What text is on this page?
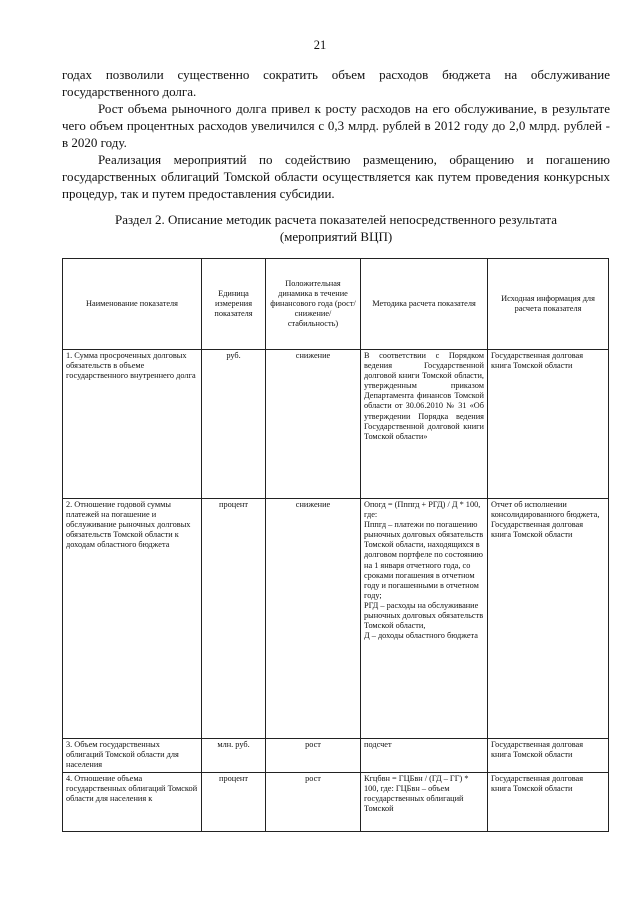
21

годах позволили существенно сократить объем расходов бюджета на обслуживание государственного долга.

Рост объема рыночного долга привел к росту расходов на его обслуживание, в результате чего объем процентных расходов увеличился с 0,3 млрд. рублей в 2012 году до 2,0 млрд. рублей - в 2020 году.

Реализация мероприятий по содействию размещению, обращению и погашению государственных облигаций Томской области осуществляется как путем проведения конкурсных процедур, так и путем предоставления субсидии.

Раздел 2. Описание методик расчета показателей непосредственного результата
(мероприятий ВЦП)
Наименование показателя	Единица измерения показателя	Положительная динамика в течение финансового года (рост/ снижение/ стабильность)	Методика расчета показателя	Исходная информация для расчета показателя
1. Сумма просроченных долговых обязательств в объеме государственного внутреннего долга	руб.	снижение	В соответствии с Порядком ведения Государственной долговой книги Томской области, утвержденным приказом Департамента финансов Томской области от 30.06.2010 № 31 «Об утверждении Порядка ведения Государственной долговой книги Томской области»	Государственная долговая книга Томской области
2. Отношение годовой суммы платежей на погашение и обслуживание рыночных долговых обязательств Томской области к доходам областного бюджета	процент	снижение	Опогд = (Пппгд + РГД) / Д * 100, где:
Пппгд – платежи по погашению рыночных долговых обязательств Томской области, находящихся в долговом портфеле по состоянию на 1 января отчетного года, со сроками погашения в отчетном году и погашенными в отчетном году;
РГД – расходы на обслуживание рыночных долговых обязательств Томской области,
Д – доходы областного бюджета	Отчет об исполнении консолидированного бюджета, Государственная долговая книга Томской области
3. Объем государственных облигаций Томской области для населения	млн. руб.	рост	подсчет	Государственная долговая книга Томской области
4. Отношение объема государственных облигаций Томской области для населения к	процент	рост	Кгцбвн = ГЦБвн / (ГД – ГГ) * 100, где: ГЦБвн – объем государственных облигаций Томской	Государственная долговая книга Томской области
